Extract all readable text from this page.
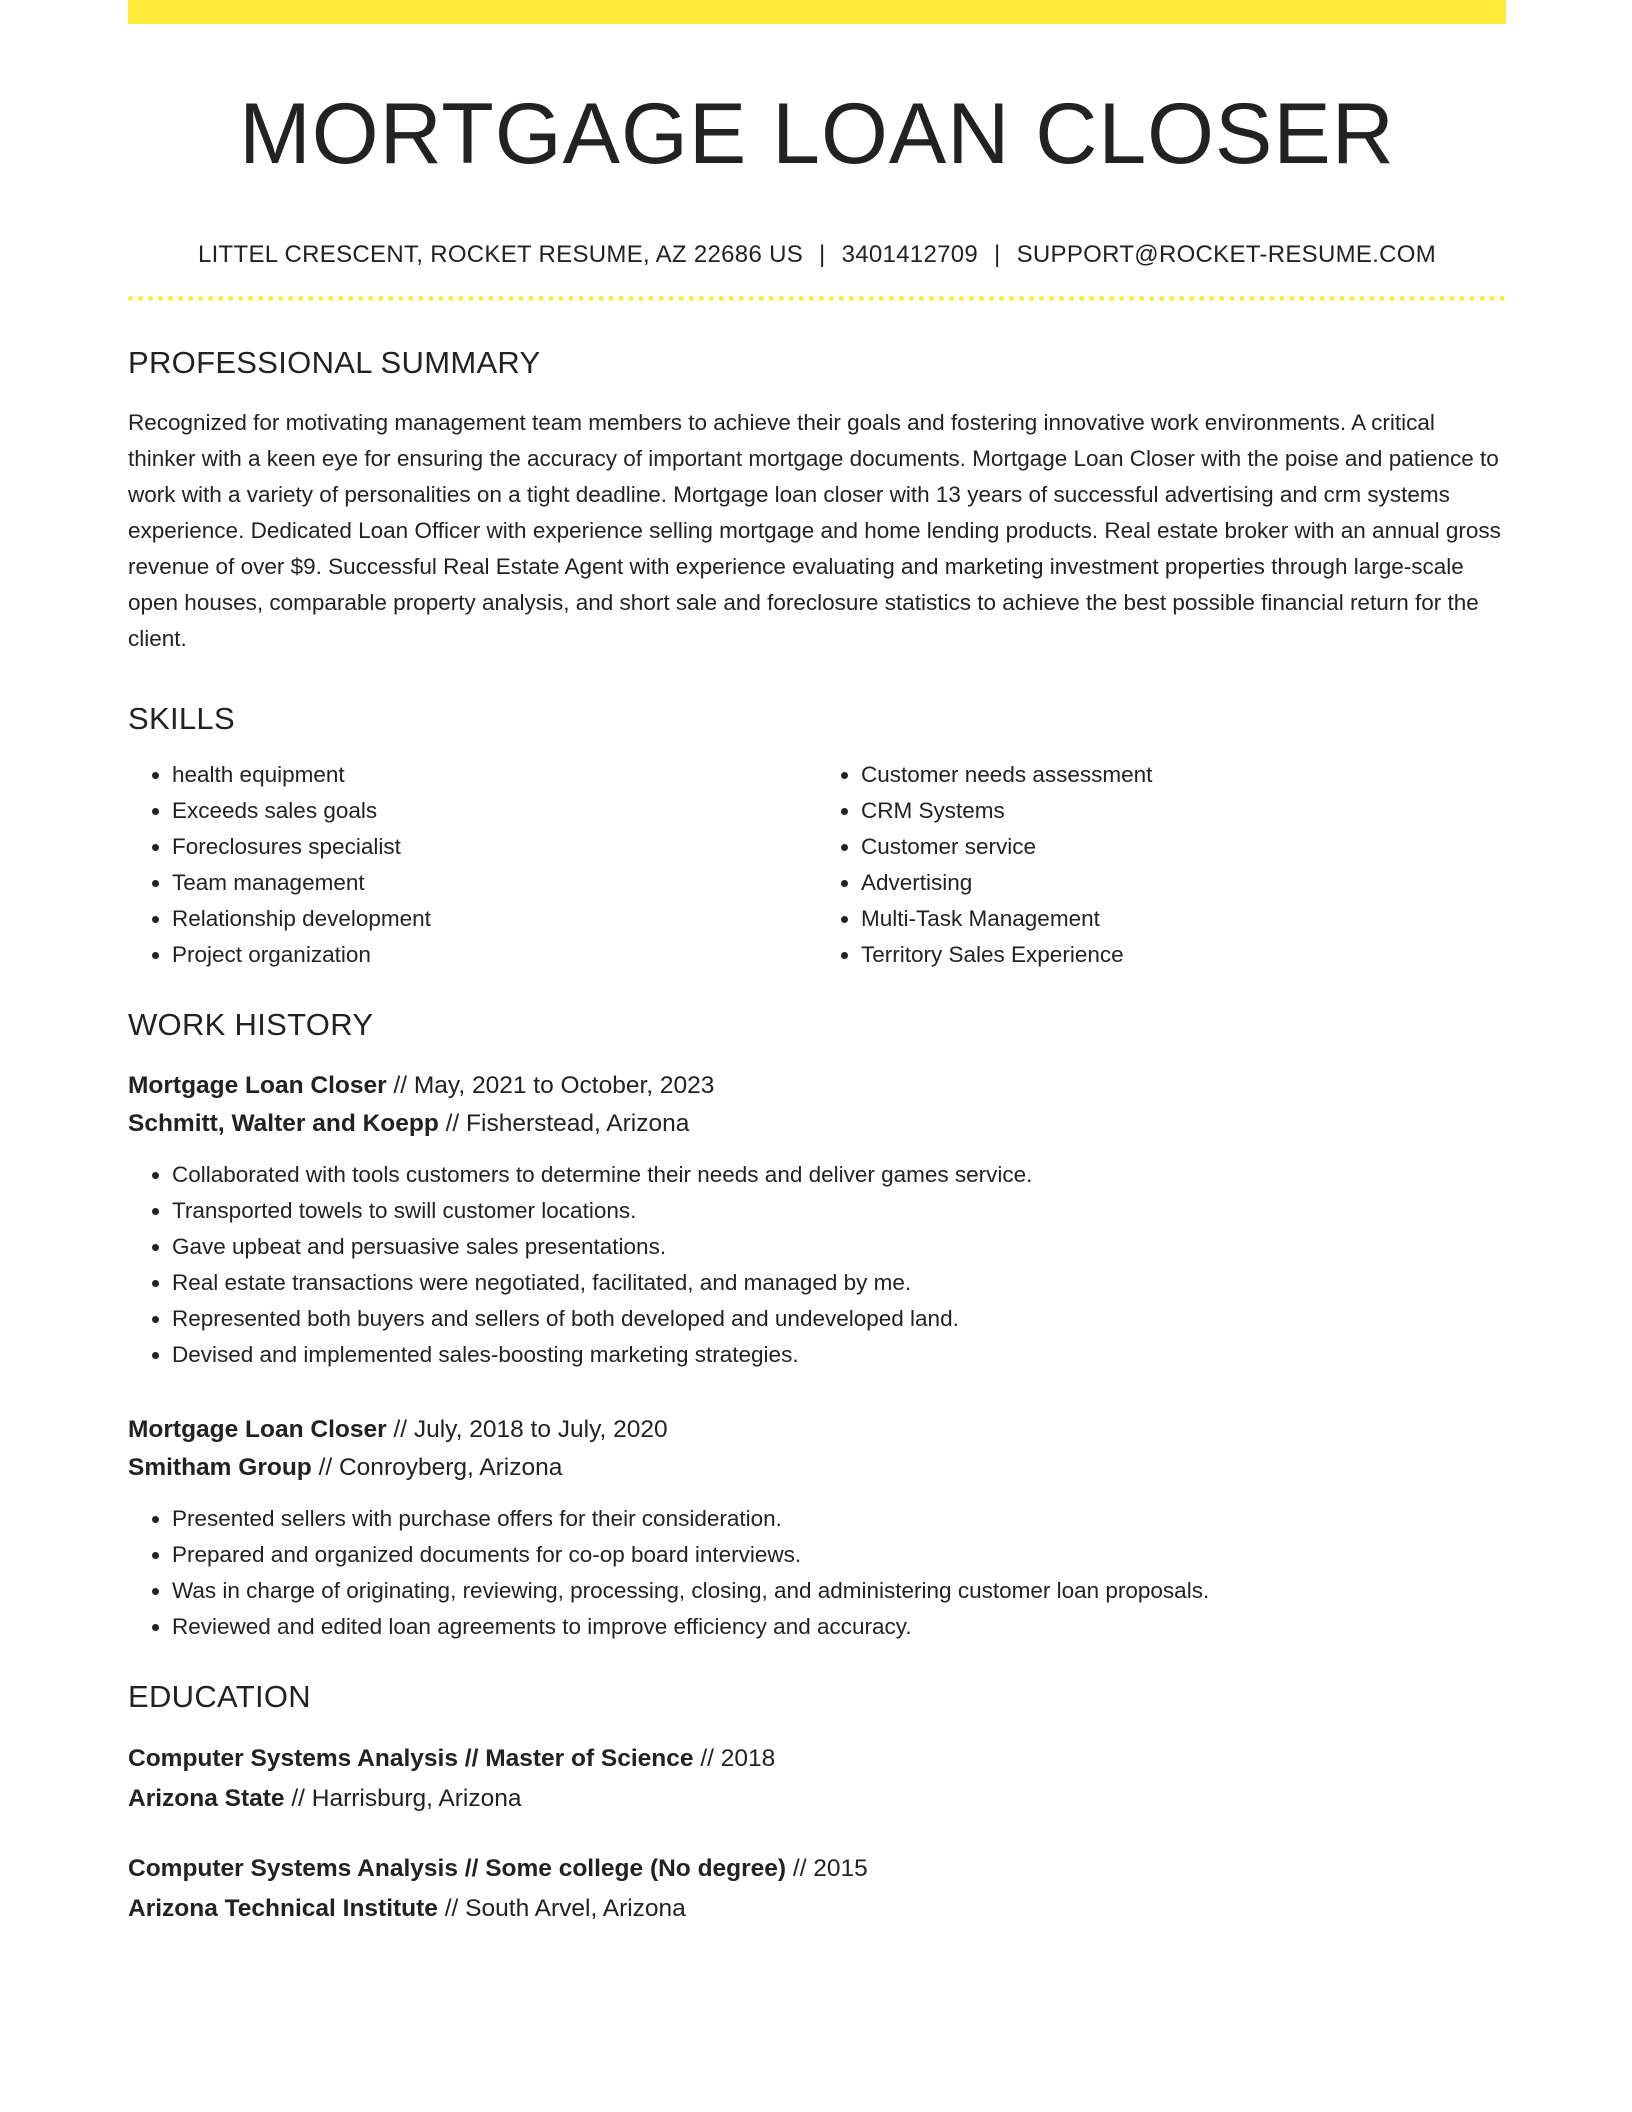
MORTGAGE LOAN CLOSER
LITTEL CRESCENT, ROCKET RESUME, AZ 22686 US | 3401412709 | SUPPORT@ROCKET-RESUME.COM
PROFESSIONAL SUMMARY

Recognized for motivating management team members to achieve their goals and fostering innovative work environments. A critical thinker with a keen eye for ensuring the accuracy of important mortgage documents. Mortgage Loan Closer with the poise and patience to work with a variety of personalities on a tight deadline. Mortgage loan closer with 13 years of successful advertising and crm systems experience. Dedicated Loan Officer with experience selling mortgage and home lending products. Real estate broker with an annual gross revenue of over $9. Successful Real Estate Agent with experience evaluating and marketing investment properties through large-scale open houses, comparable property analysis, and short sale and foreclosure statistics to achieve the best possible financial return for the client.

SKILLS
• health equipment
• Exceeds sales goals
• Foreclosures specialist
• Team management
• Relationship development
• Project organization
• Customer needs assessment
• CRM Systems
• Customer service
• Advertising
• Multi-Task Management
• Territory Sales Experience
WORK HISTORY
Mortgage Loan Closer // May, 2021 to October, 2023
Schmitt, Walter and Koepp // Fisherstead, Arizona
• Collaborated with tools customers to determine their needs and deliver games service.
• Transported towels to swill customer locations.
• Gave upbeat and persuasive sales presentations.
• Real estate transactions were negotiated, facilitated, and managed by me.
• Represented both buyers and sellers of both developed and undeveloped land.
• Devised and implemented sales-boosting marketing strategies.
Mortgage Loan Closer // July, 2018 to July, 2020
Smitham Group // Conroyberg, Arizona
• Presented sellers with purchase offers for their consideration.
• Prepared and organized documents for co-op board interviews.
• Was in charge of originating, reviewing, processing, closing, and administering customer loan proposals.
• Reviewed and edited loan agreements to improve efficiency and accuracy.
EDUCATION
Computer Systems Analysis // Master of Science // 2018
Arizona State // Harrisburg, Arizona
Computer Systems Analysis // Some college (No degree) // 2015
Arizona Technical Institute // South Arvel, Arizona
